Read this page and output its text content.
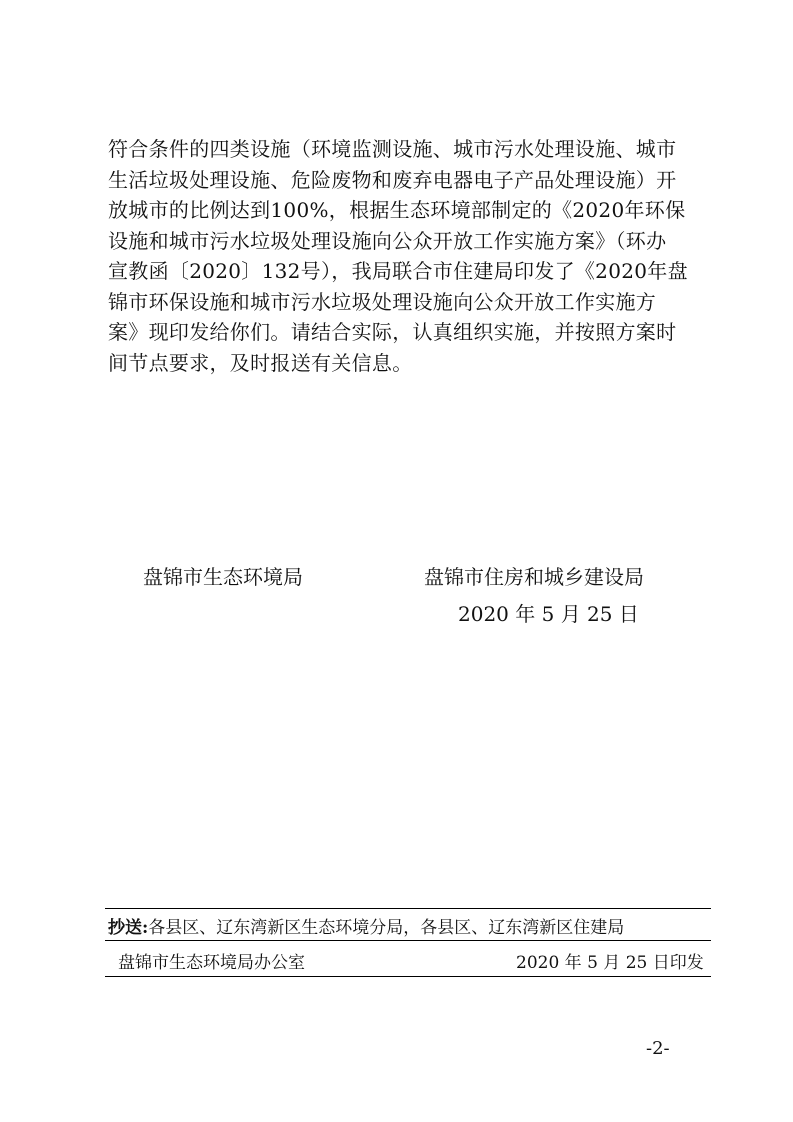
符合条件的四类设施（环境监测设施、城市污水处理设施、城市
生活垃圾处理设施、危险废物和废弃电器电子产品处理设施）开
放城市的比例达到100%，根据生态环境部制定的《2020年环保
设施和城市污水垃圾处理设施向公众开放工作实施方案》（环办
宣教函〔2020〕132号），我局联合市住建局印发了《2020年盘
锦市环保设施和城市污水垃圾处理设施向公众开放工作实施方
案》现印发给你们。请结合实际，认真组织实施，并按照方案时
间节点要求，及时报送有关信息。
盘锦市生态环境局	盘锦市住房和城乡建设局
2020 年 5 月 25 日
抄送:各县区、辽东湾新区生态环境分局，各县区、辽东湾新区住建局
盘锦市生态环境局办公室	2020 年 5 月 25 日印发
-2-
